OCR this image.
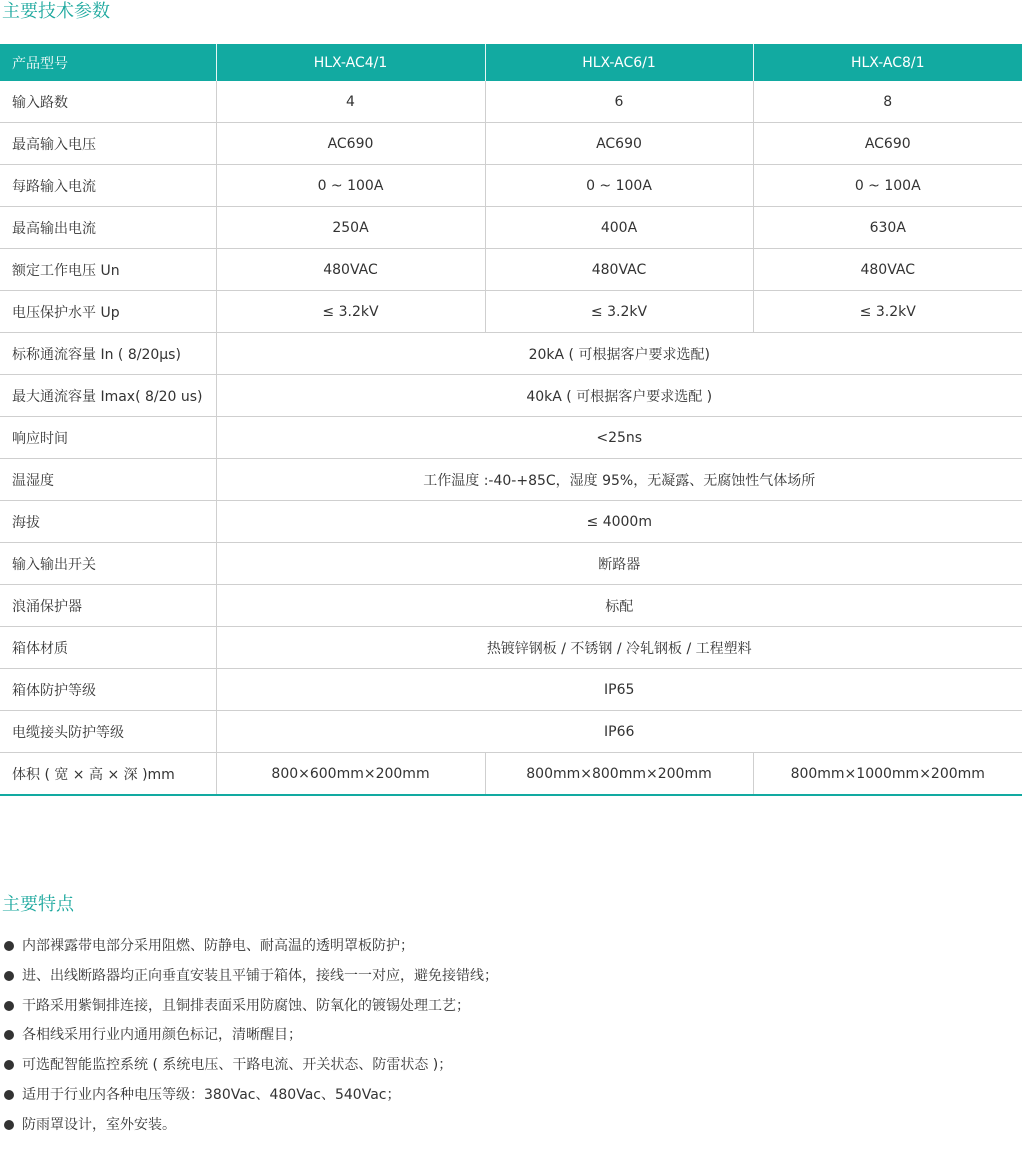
主要技术参数
产品型号	HLX-AC4/1	HLX-AC6/1	HLX-AC8/1
输入路数	4	6	8
最高输入电压	AC690	AC690	AC690
每路输入电流	0 ~ 100A	0 ~ 100A	0 ~ 100A
最高输出电流	250A	400A	630A
额定工作电压 Un	480VAC	480VAC	480VAC
电压保护水平 Up	≤ 3.2kV	≤ 3.2kV	≤ 3.2kV
标称通流容量 In ( 8/20μs)	20kA ( 可根据客户要求选配)		
最大通流容量 Imax( 8/20 us)	40kA ( 可根据客户要求选配 )		
响应时间	<25ns		
温湿度	工作温度 :-40-+85C，湿度 95%，无凝露、无腐蚀性气体场所		
海拔	≤ 4000m		
输入输出开关	断路器		
浪涌保护器	标配		
箱体材质	热镀锌钢板 / 不锈钢 / 冷轧钢板 / 工程塑料		
箱体防护等级	IP65		
电缆接头防护等级	IP66		
体积 ( 宽 × 高 × 深 )mm	800×600mm×200mm	800mm×800mm×200mm	800mm×1000mm×200mm
主要特点
内部裸露带电部分采用阻燃、防静电、耐高温的透明罩板防护；
进、出线断路器均正向垂直安装且平铺于箱体，接线一一对应，避免接错线；
干路采用紫铜排连接，且铜排表面采用防腐蚀、防氧化的镀锡处理工艺；
各相线采用行业内通用颜色标记，清晰醒目；
可选配智能监控系统 ( 系统电压、干路电流、开关状态、防雷状态 )；
适用于行业内各种电压等级：380Vac、480Vac、540Vac；
防雨罩设计，室外安装。
